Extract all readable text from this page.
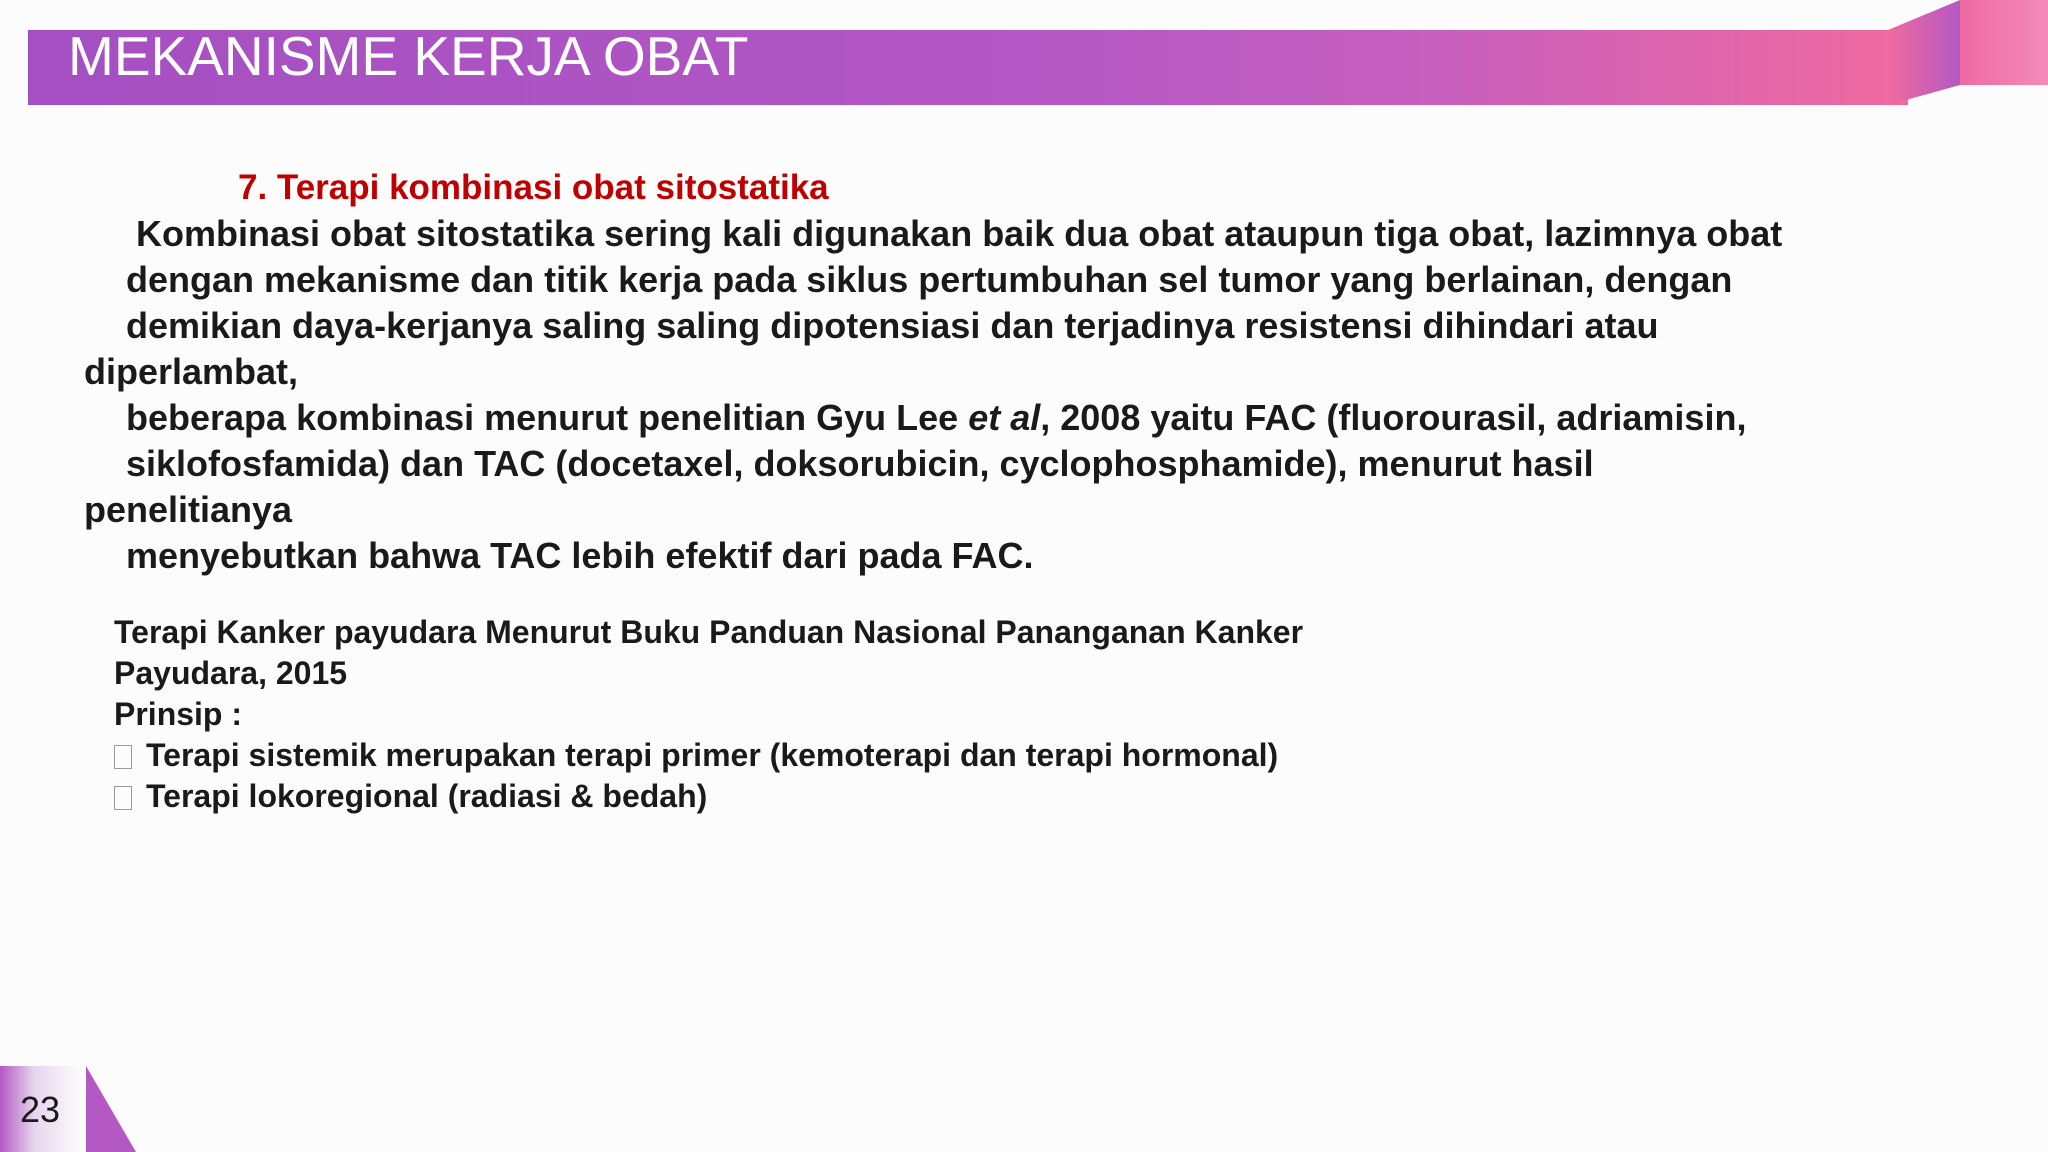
MEKANISME KERJA OBAT
7. Terapi kombinasi obat sitostatika
Kombinasi obat sitostatika sering kali digunakan baik dua obat ataupun tiga obat, lazimnya obat
dengan mekanisme dan titik kerja pada siklus pertumbuhan sel tumor yang berlainan, dengan
demikian daya-kerjanya saling saling dipotensiasi dan terjadinya resistensi dihindari atau
diperlambat,
beberapa kombinasi menurut penelitian Gyu Lee et al, 2008 yaitu FAC (fluorourasil, adriamisin,
siklofosfamida) dan TAC (docetaxel, doksorubicin, cyclophosphamide), menurut hasil
penelitianya
menyebutkan bahwa TAC lebih efektif dari pada FAC.
Terapi Kanker payudara Menurut Buku Panduan Nasional Pananganan Kanker
Payudara, 2015
Prinsip :
Terapi sistemik merupakan terapi primer (kemoterapi dan terapi hormonal)
Terapi lokoregional (radiasi & bedah)
23
